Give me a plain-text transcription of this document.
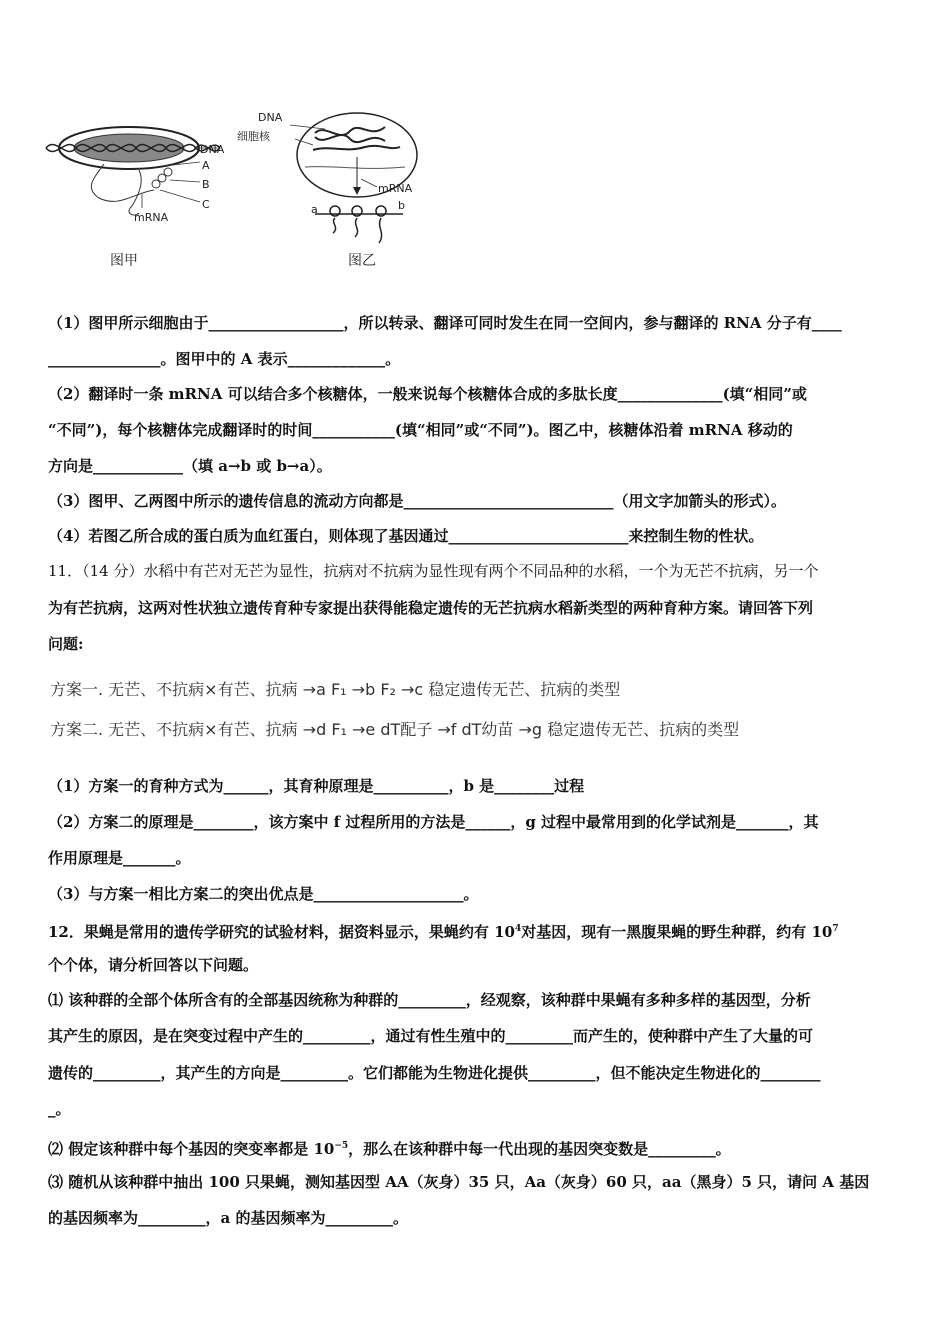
DNA
A
B
C
mRNA
图甲
DNA
细胞核
mRNA
a	b
图乙
（1）图甲所示细胞由于__________________，所以转录、翻译可同时发生在同一空间内，参与翻译的 RNA 分子有____
_______________。图甲中的 A 表示_____________。
（2）翻译时一条 mRNA 可以结合多个核糖体，一般来说每个核糖体合成的多肽长度______________(填“相同”或
“不同”)，每个核糖体完成翻译时的时间___________(填“相同”或“不同”)。图乙中，核糖体沿着 mRNA 移动的
方向是____________（填 a→b 或 b→a）。
（3）图甲、乙两图中所示的遗传信息的流动方向都是____________________________（用文字加箭头的形式）。
（4）若图乙所合成的蛋白质为血红蛋白，则体现了基因通过________________________来控制生物的性状。
11．（14 分）水稻中有芒对无芒为显性，抗病对不抗病为显性现有两个不同品种的水稻，一个为无芒不抗病，另一个
为有芒抗病，这两对性状独立遗传育种专家提出获得能稳定遗传的无芒抗病水稻新类型的两种育种方案。请回答下列
问题:
方案一. 无芒、不抗病×有芒、抗病 →a F₁ →b F₂ →c 稳定遗传无芒、抗病的类型
方案二. 无芒、不抗病×有芒、抗病 →d F₁ →e dT配子 →f dT幼苗 →g 稳定遗传无芒、抗病的类型
（1）方案一的育种方式为______，其育种原理是__________，b 是________过程
（2）方案二的原理是________，该方案中 f 过程所用的方法是______，g 过程中最常用到的化学试剂是_______，其
作用原理是_______。
（3）与方案一相比方案二的突出优点是____________________。
12．果蝇是常用的遗传学研究的试验材料，据资料显示，果蝇约有 $10^4$对基因，现有一黑腹果蝇的野生种群，约有 $10^7$
个个体，请分析回答以下问题。
⑴ 该种群的全部个体所含有的全部基因统称为种群的_________，经观察，该种群中果蝇有多种多样的基因型，分析
其产生的原因，是在突变过程中产生的_________，通过有性生殖中的_________而产生的，使种群中产生了大量的可
遗传的_________，其产生的方向是_________。它们都能为生物进化提供_________，但不能决定生物进化的________
_。
⑵ 假定该种群中每个基因的突变率都是 $10^{-5}$，那么在该种群中每一代出现的基因突变数是_________。
⑶ 随机从该种群中抽出 100 只果蝇，测知基因型 AA（灰身）35 只，Aa（灰身）60 只，aa（黑身）5 只，请问 A 基因
的基因频率为_________，a 的基因频率为_________。
